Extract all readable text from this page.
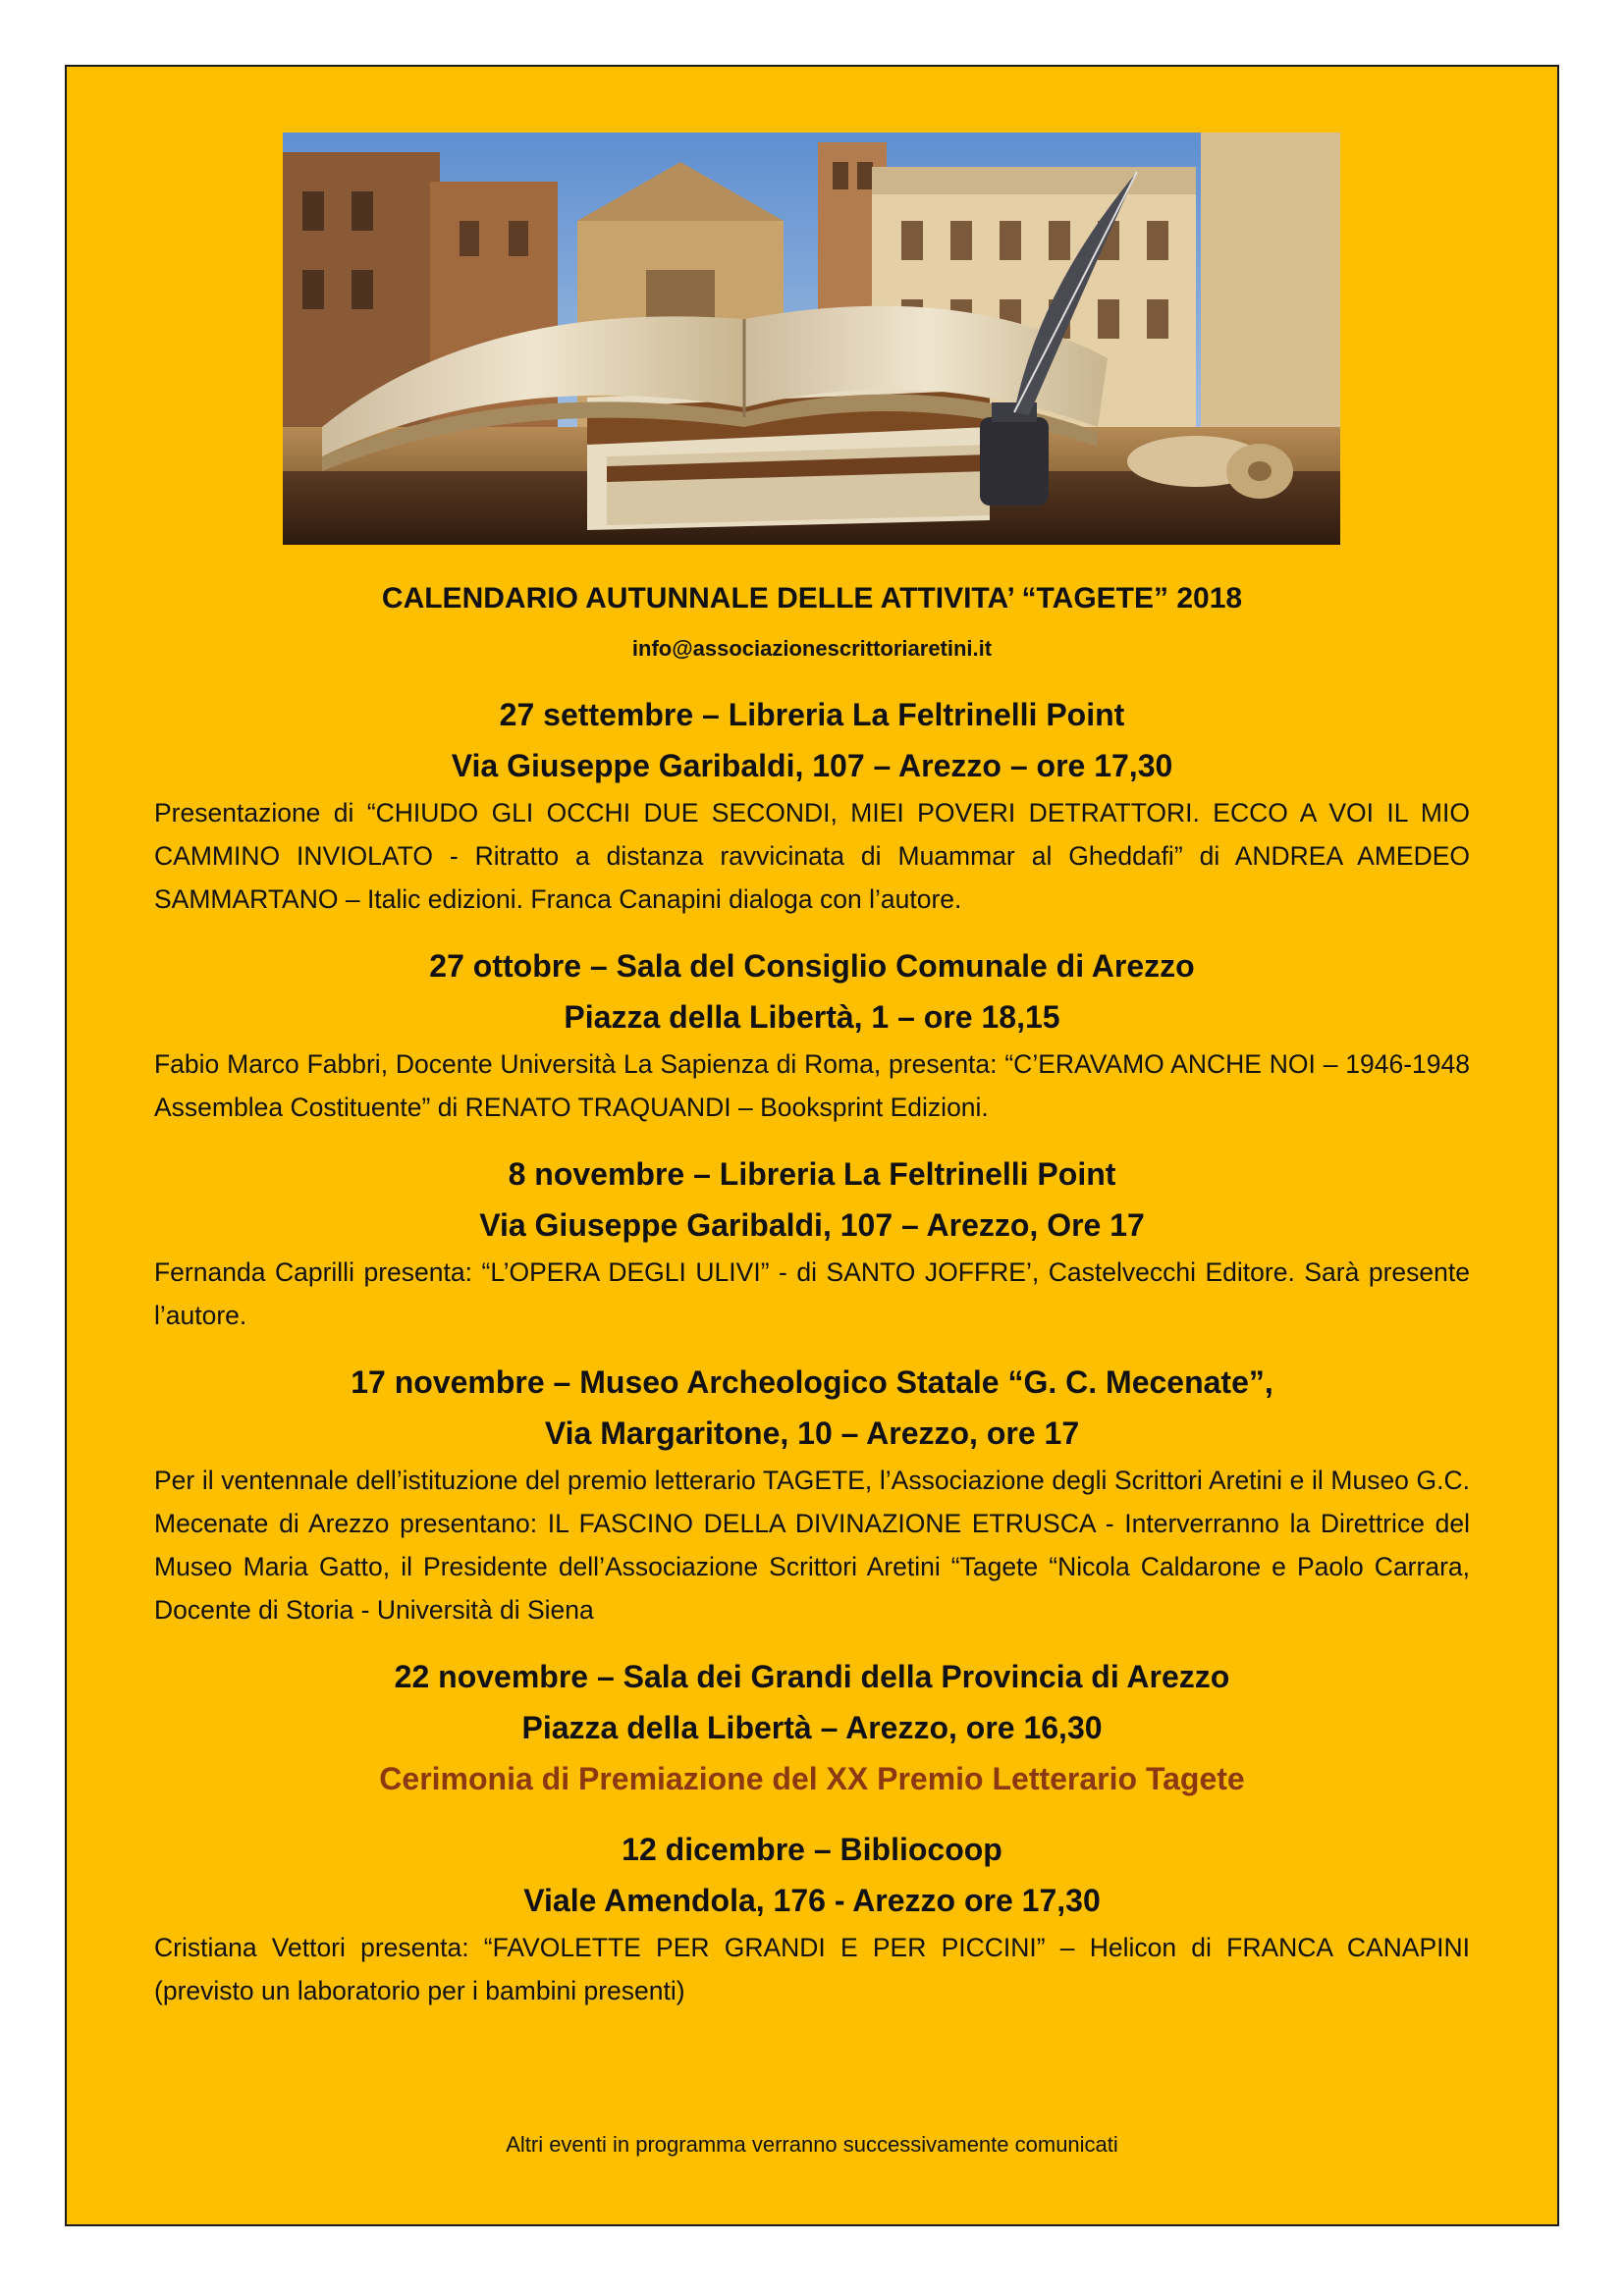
CALENDARIO AUTUNNALE DELLE ATTIVITA’ “TAGETE” 2018

info@associazionescrittoriaretini.it

27 settembre – Libreria La Feltrinelli Point

Via Giuseppe Garibaldi, 107 – Arezzo – ore 17,30

Presentazione di “CHIUDO GLI OCCHI DUE SECONDI, MIEI POVERI DETRATTORI. ECCO A VOI IL MIO CAMMINO INVIOLATO - Ritratto a distanza ravvicinata di Muammar al Gheddafi” di ANDREA AMEDEO SAMMARTANO – Italic edizioni. Franca Canapini dialoga con l’autore.

27 ottobre – Sala del Consiglio Comunale di Arezzo

Piazza della Libertà, 1 – ore 18,15

Fabio Marco Fabbri, Docente Università La Sapienza di Roma, presenta: “C’ERAVAMO ANCHE NOI – 1946-1948 Assemblea Costituente” di RENATO TRAQUANDI – Booksprint Edizioni.

8 novembre – Libreria La Feltrinelli Point

Via Giuseppe Garibaldi, 107 – Arezzo, Ore 17

Fernanda Caprilli presenta: “L’OPERA DEGLI ULIVI” - di SANTO JOFFRE’, Castelvecchi Editore. Sarà presente l’autore.

17 novembre – Museo Archeologico Statale “G. C. Mecenate”,

Via Margaritone, 10 – Arezzo, ore 17

Per il ventennale dell’istituzione del premio letterario TAGETE, l’Associazione degli Scrittori Aretini e il Museo G.C. Mecenate di Arezzo presentano: IL FASCINO DELLA DIVINAZIONE ETRUSCA - Interverranno la Direttrice del Museo Maria Gatto, il Presidente dell’Associazione Scrittori Aretini “Tagete “Nicola Caldarone e Paolo Carrara, Docente di Storia - Università di Siena

22 novembre – Sala dei Grandi della Provincia di Arezzo

Piazza della Libertà – Arezzo, ore 16,30

Cerimonia di Premiazione del XX Premio Letterario Tagete

12 dicembre – Bibliocoop

Viale Amendola, 176 - Arezzo ore 17,30

Cristiana Vettori presenta: “FAVOLETTE PER GRANDI E PER PICCINI” – Helicon di FRANCA CANAPINI (previsto un laboratorio per i bambini presenti)

Altri eventi in programma verranno successivamente comunicati
